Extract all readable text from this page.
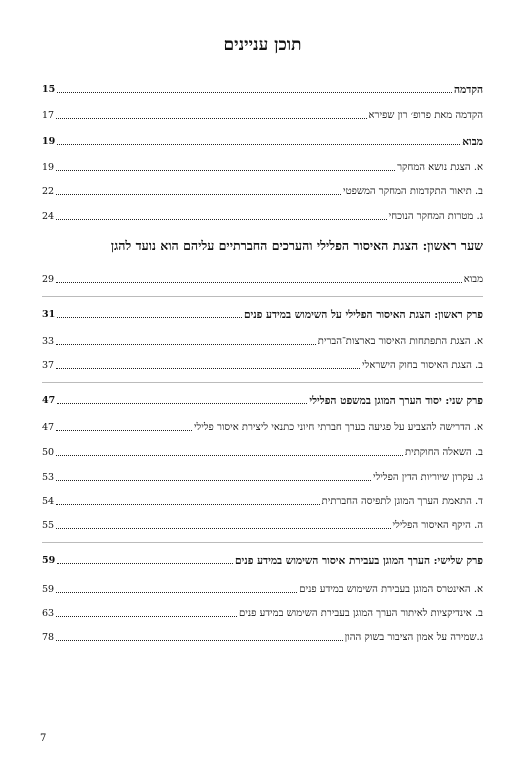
תוכן עניינים
הקדמה
15
הקדמה מאת פרופ׳ רון שפירא
17
מבוא
19
א. הצגת נושא המחקר
19
ב. תיאור התקדמות המחקר המשפטי
22
ג. מטרות המחקר הנוכחי
24
שער ראשון: הצגת האיסור הפלילי והערכים החברתיים עליהם הוא נועד להגן
מבוא
29
פרק ראשון: הצגת האיסור הפלילי על השימוש במידע פנים
31
א. הצגת התפתחות האיסור בארצות־הברית
33
ב. הצגת האיסור בחוק הישראלי
37
פרק שני: יסוד הערך המוגן במשפט הפלילי
47
א. הדרישה להצביע על פגיעה בערך חברתי חיוני כתנאי ליצירת איסור פלילי
47
ב. השאלה החוקתית
50
ג. עקרון שיוריות הדין הפלילי
53
ד. התאמת הערך המוגן לתפיסה החברתית
54
ה. היקף האיסור הפלילי
55
פרק שלישי: הערך המוגן בעבירת איסור השימוש במידע פנים
59
א. האינטרס המוגן בעבירת השימוש במידע פנים
59
ב. אינדיקציות לאיתור הערך המוגן בעבירת השימוש במידע פנים
63
ג.שמירה על אמון הציבור בשוק ההון
78
7
